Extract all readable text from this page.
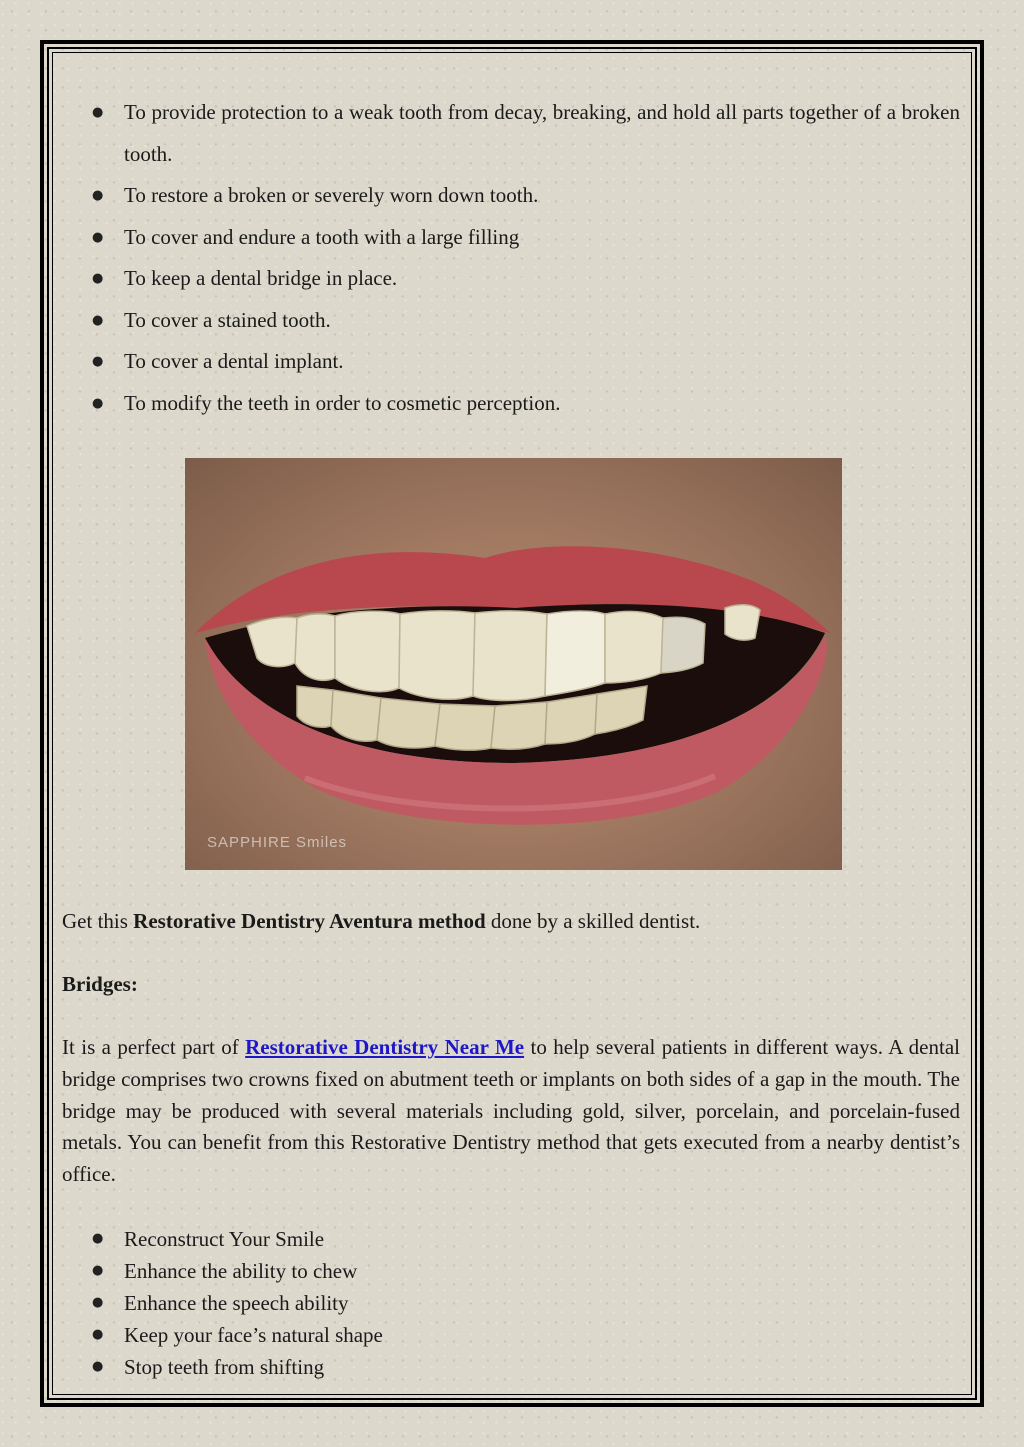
● To provide protection to a weak tooth from decay, breaking, and hold all parts together of a broken tooth.
● To restore a broken or severely worn down tooth.
● To cover and endure a tooth with a large filling
● To keep a dental bridge in place.
● To cover a stained tooth.
● To cover a dental implant.
● To modify the teeth in order to cosmetic perception.
SAPPHIRE Smiles

Get this Restorative Dentistry Aventura method done by a skilled dentist.

Bridges:

It is a perfect part of Restorative Dentistry Near Me to help several patients in different ways. A dental bridge comprises two crowns fixed on abutment teeth or implants on both sides of a gap in the mouth. The bridge may be produced with several materials including gold, silver, porcelain, and porcelain-fused metals. You can benefit from this Restorative Dentistry method that gets executed from a nearby dentist’s office.

● Reconstruct Your Smile
● Enhance the ability to chew
● Enhance the speech ability
● Keep your face’s natural shape
● Stop teeth from shifting
